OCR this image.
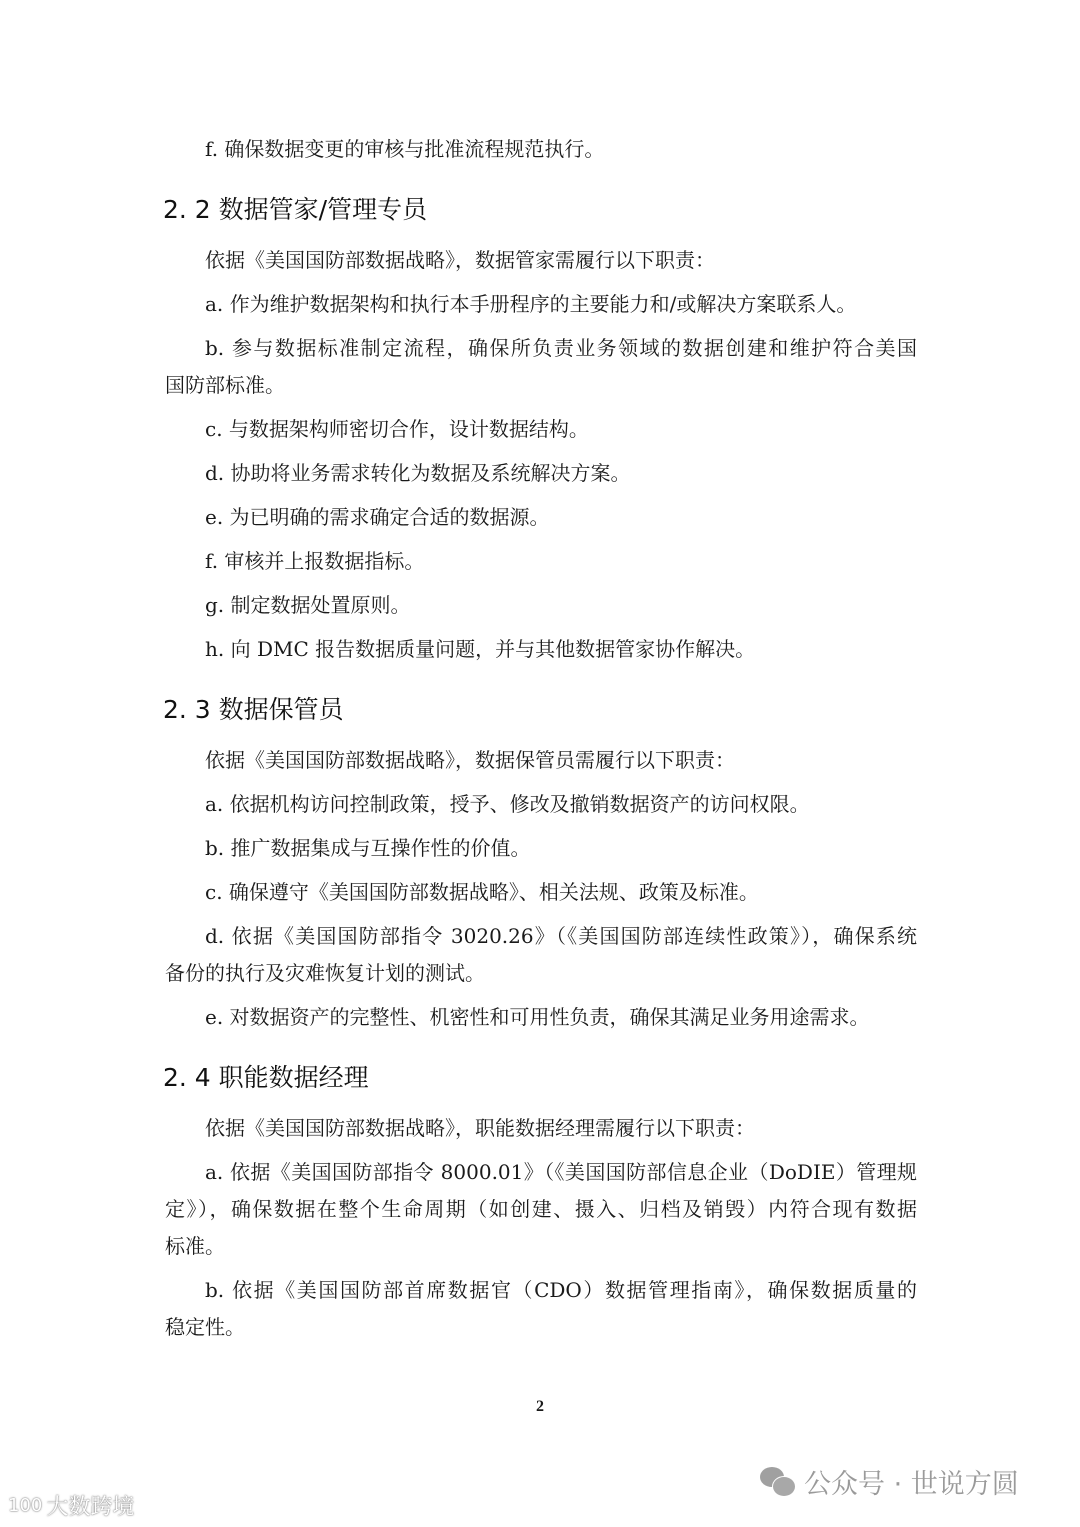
f. 确保数据变更的审核与批准流程规范执行。
2. 2 数据管家/管理专员
依据《美国国防部数据战略》，数据管家需履行以下职责：
a. 作为维护数据架构和执行本手册程序的主要能力和/或解决方案联系人。
b. 参与数据标准制定流程，确保所负责业务领域的数据创建和维护符合美国
国防部标准。
c. 与数据架构师密切合作，设计数据结构。
d. 协助将业务需求转化为数据及系统解决方案。
e. 为已明确的需求确定合适的数据源。
f. 审核并上报数据指标。
g. 制定数据处置原则。
h. 向 DMC 报告数据质量问题，并与其他数据管家协作解决。
2. 3 数据保管员
依据《美国国防部数据战略》，数据保管员需履行以下职责：
a. 依据机构访问控制政策，授予、修改及撤销数据资产的访问权限。
b. 推广数据集成与互操作性的价值。
c. 确保遵守《美国国防部数据战略》、相关法规、政策及标准。
d. 依据《美国国防部指令 3020.26》（《美国国防部连续性政策》），确保系统
备份的执行及灾难恢复计划的测试。
e. 对数据资产的完整性、机密性和可用性负责，确保其满足业务用途需求。
2. 4 职能数据经理
依据《美国国防部数据战略》，职能数据经理需履行以下职责：
a. 依据《美国国防部指令 8000.01》（《美国国防部信息企业（DoDIE）管理规
定》），确保数据在整个生命周期（如创建、摄入、归档及销毁）内符合现有数据
标准。
b. 依据《美国国防部首席数据官（CDO）数据管理指南》，确保数据质量的
稳定性。
2
公众号 · 世说方圆
100 大数跨境
